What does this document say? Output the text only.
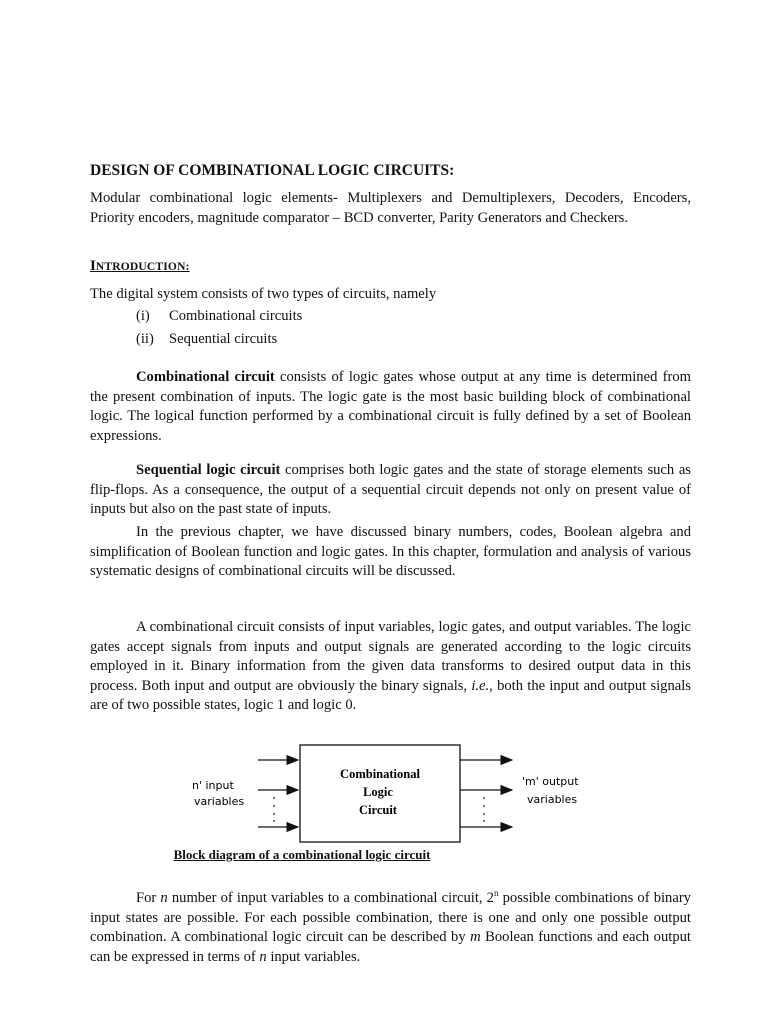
DESIGN OF COMBINATIONAL LOGIC CIRCUITS:

Modular combinational logic elements- Multiplexers and Demultiplexers, Decoders, Encoders, Priority encoders, magnitude comparator – BCD converter, Parity Generators and Checkers.

INTRODUCTION:

The digital system consists of two types of circuits, namely

(i)	Combinational circuits
(ii)	Sequential circuits

Combinational circuit consists of logic gates whose output at any time is determined from the present combination of inputs. The logic gate is the most basic building block of combinational logic. The logical function performed by a combinational circuit is fully defined by a set of Boolean expressions.

Sequential logic circuit comprises both logic gates and the state of storage elements such as flip-flops. As a consequence, the output of a sequential circuit depends not only on present value of inputs but also on the past state of inputs.

In the previous chapter, we have discussed binary numbers, codes, Boolean algebra and simplification of Boolean function and logic gates. In this chapter, formulation and analysis of various systematic designs of combinational circuits will be discussed.

A combinational circuit consists of input variables, logic gates, and output variables. The logic gates accept signals from inputs and output signals are generated according to the logic circuits employed in it. Binary information from the given data transforms to desired output data in this process. Both input and output are obviously the binary signals, i.e., both the input and output signals are of two possible states, logic 1 and logic 0.

For n number of input variables to a combinational circuit, 2$^n$ possible combinations of binary input states are possible. For each possible combination, there is one and only one possible output combination. A combinational logic circuit can be described by m Boolean functions and each output can be expressed in terms of n input variables.

Combinational
Logic
Circuit
n' input
variables
'm' output
variables
Block diagram of a combinational logic circuit
